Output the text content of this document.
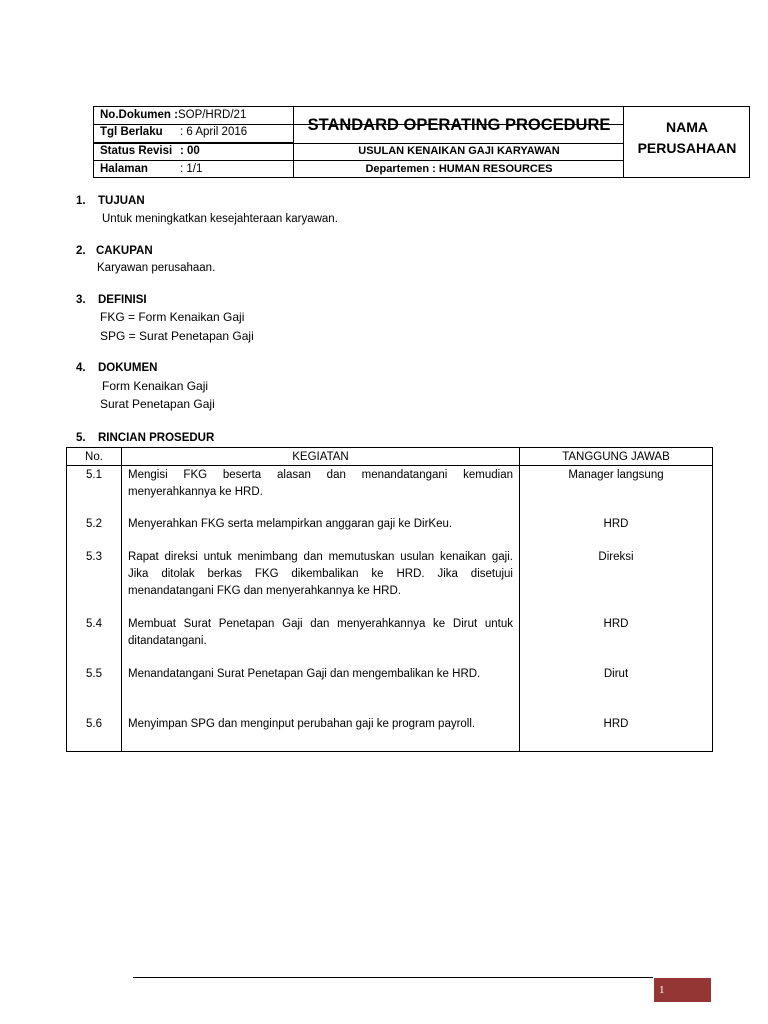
No.Dokumen :SOP/HRD/21
Tgl Berlaku : 6 April 2016
Status Revisi : 00
Halaman	: 1/1
STANDARD OPERATING PROCEDURE
USULAN KENAIKAN GAJI KARYAWAN
Departemen : HUMAN RESOURCES
NAMA
PERUSAHAAN
1. TUJUAN
Untuk meningkatkan kesejahteraan karyawan.
2. CAKUPAN
Karyawan perusahaan.
3. DEFINISI
FKG = Form Kenaikan Gaji
SPG = Surat Penetapan Gaji
4. DOKUMEN
Form Kenaikan Gaji
Surat Penetapan Gaji
5. RINCIAN PROSEDUR
No.	KEGIATAN	TANGGUNG JAWAB

5.1	Mengisi FKG beserta alasan dan menandatangani kemudian menyerahkannya ke HRD.	Manager langsung

5.2	Menyerahkan FKG serta melampirkan anggaran gaji ke DirKeu.	HRD

5.3	Rapat direksi untuk menimbang dan memutuskan usulan kenaikan gaji. Jika ditolak berkas FKG dikembalikan ke HRD. Jika disetujui menandatangani FKG dan menyerahkannya ke HRD.	Direksi

5.4	Membuat Surat Penetapan Gaji dan menyerahkannya ke Dirut untuk ditandatangani.	HRD

5.5	Menandatangani Surat Penetapan Gaji dan mengembalikan ke HRD.	Dirut

5.6	Menyimpan SPG dan menginput perubahan gaji ke program payroll.	HRD
1
